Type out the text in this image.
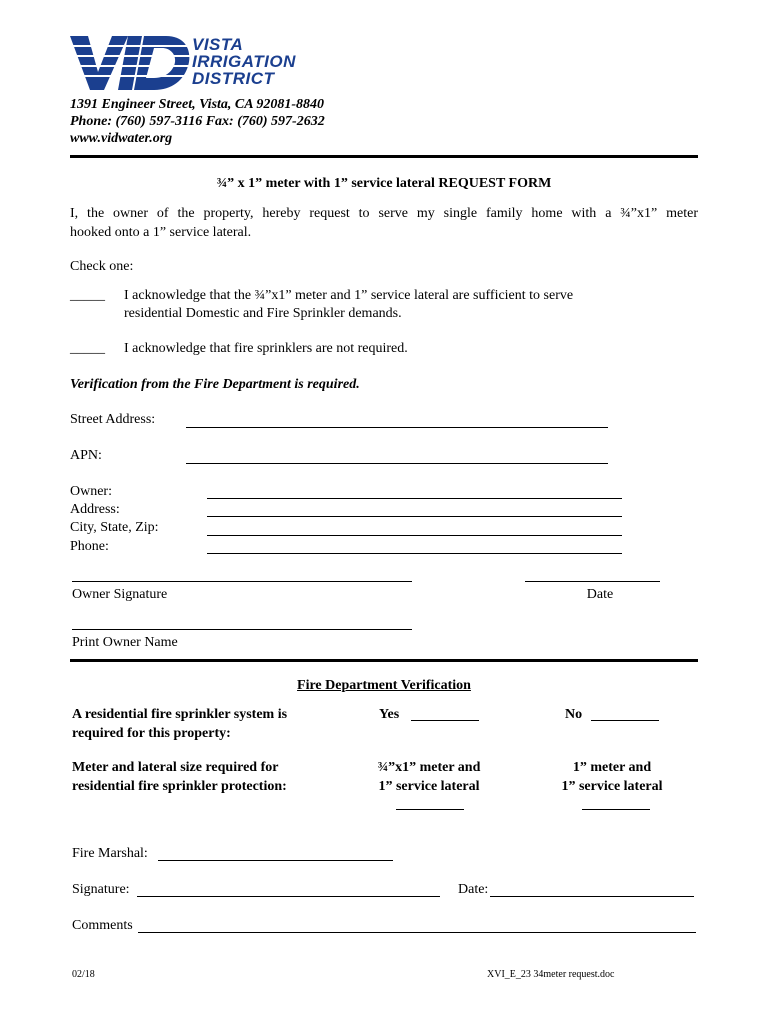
VISTA
IRRIGATION
DISTRICT
1391 Engineer Street, Vista, CA 92081-8840
Phone: (760) 597-3116 Fax: (760) 597-2632
www.vidwater.org
¾” x 1” meter with 1” service lateral REQUEST FORM
I, the owner of the property, hereby request to serve my single family home with a ¾”x1” meter
hooked onto a 1” service lateral.
Check one:
_____ I acknowledge that the ¾”x1” meter and 1” service lateral are sufficient to serve
residential Domestic and Fire Sprinkler demands.
_____ I acknowledge that fire sprinklers are not required.
Verification from the Fire Department is required.
Street Address:
APN:
Owner:
Address:
City, State, Zip:
Phone:
Owner Signature	Date
Print Owner Name
Fire Department Verification
A residential fire sprinkler system is
required for this property:
Yes	No
Meter and lateral size required for
residential fire sprinkler protection:
¾”x1” meter and
1” service lateral
1” meter and
1” service lateral
Fire Marshal:
Signature:	Date:
Comments
02/18	XVI_E_23 34meter request.doc
